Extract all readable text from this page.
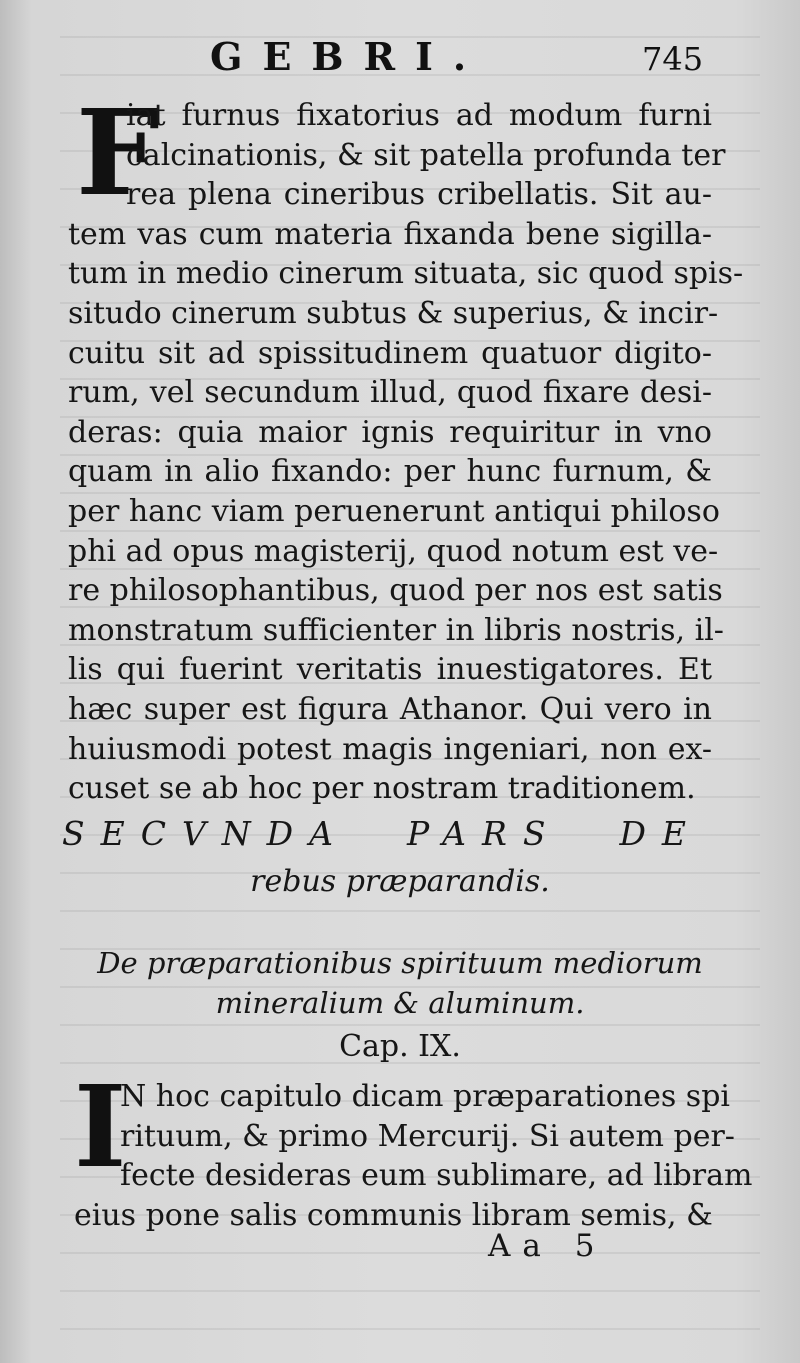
GEBRI.	745
F
iat furnus fixatorius ad modum furni
calcinationis, & sit patella profunda ter
rea plena cineribus cribellatis. Sit au-
tem vas cum materia fixanda bene sigilla-
tum in medio cinerum situata, sic quod spis-
situdo cinerum subtus & superius, & incir-
cuitu sit ad spissitudinem quatuor digito-
rum, vel secundum illud, quod fixare desi-
deras: quia maior ignis requiritur in vno
quam in alio fixando: per hunc furnum, &
per hanc viam peruenerunt antiqui philoso
phi ad opus magisterij, quod notum est ve-
re philosophantibus, quod per nos est satis
monstratum sufficienter in libris nostris, il-
lis qui fuerint veritatis inuestigatores. Et
hæc super est figura Athanor. Qui vero in
huiusmodi potest magis ingeniari, non ex-
cuset se ab hoc per nostram traditionem.
SECVNDA PARS DE
rebus præparandis.
De præparationibus spirituum mediorum
mineralium & aluminum.
Cap. IX.
I
N hoc capitulo dicam præparationes spi
rituum, & primo Mercurij. Si autem per-
fecte desideras eum sublimare, ad libram
eius pone salis communis libram semis, &
Aa 5
